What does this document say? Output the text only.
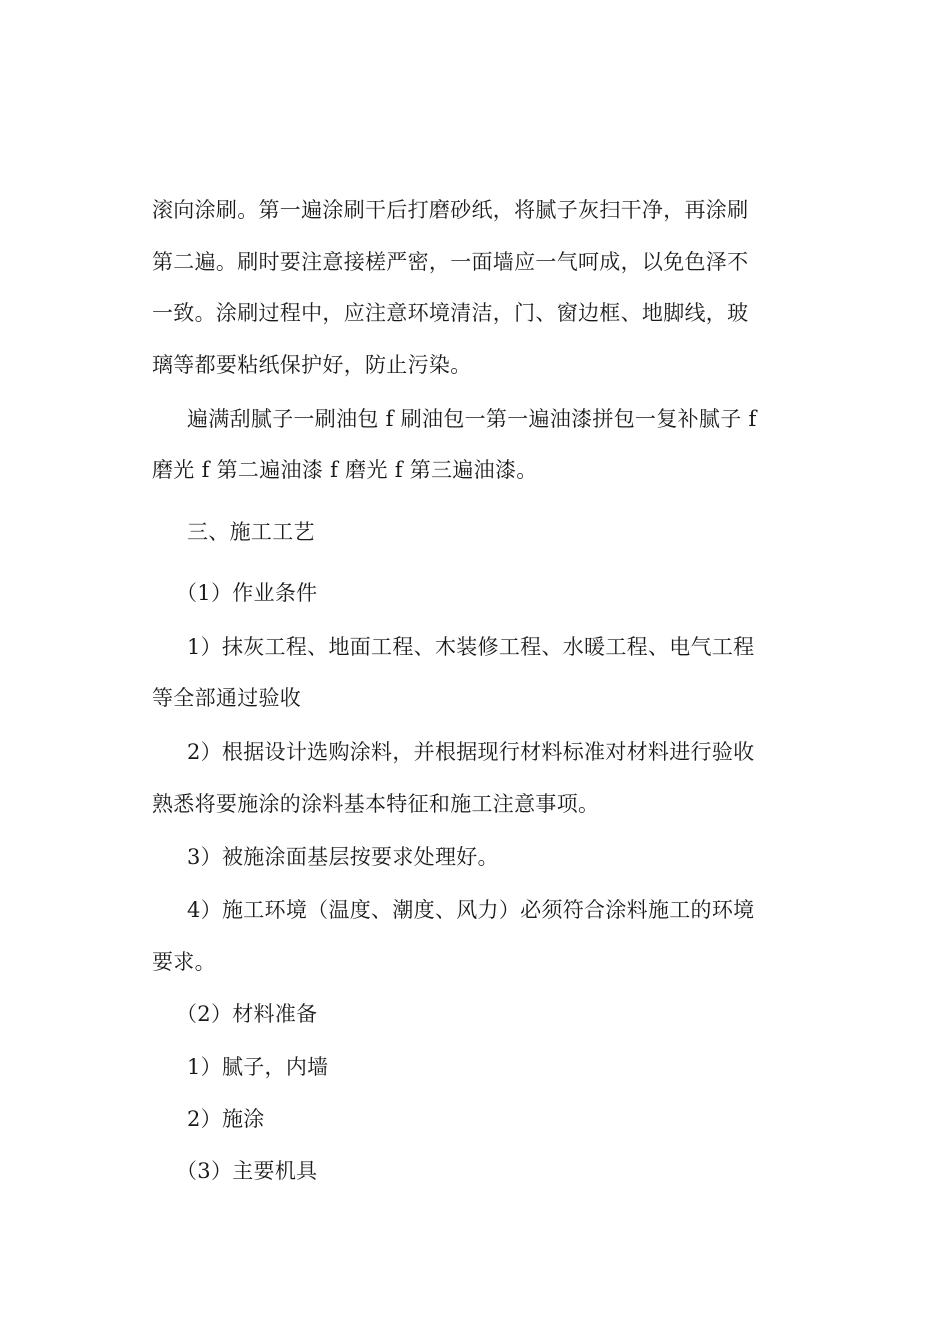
滚向涂刷。第一遍涂刷干后打磨砂纸，将腻子灰扫干净，再涂刷
第二遍。刷时要注意接槎严密，一面墙应一气呵成，以免色泽不
一致。涂刷过程中，应注意环境清洁，门、窗边框、地脚线，玻
璃等都要粘纸保护好，防止污染。
遍满刮腻子一刷油包 f 刷油包一第一遍油漆拼包一复补腻子 f
磨光 f 第二遍油漆 f 磨光 f 第三遍油漆。
三、施工工艺
（1）作业条件
1）抹灰工程、地面工程、木装修工程、水暖工程、电气工程
等全部通过验收
2）根据设计选购涂料，并根据现行材料标准对材料进行验收
熟悉将要施涂的涂料基本特征和施工注意事项。
3）被施涂面基层按要求处理好。
4）施工环境（温度、潮度、风力）必须符合涂料施工的环境
要求。
（2）材料准备
1）腻子，内墙
2）施涂
（3）主要机具
